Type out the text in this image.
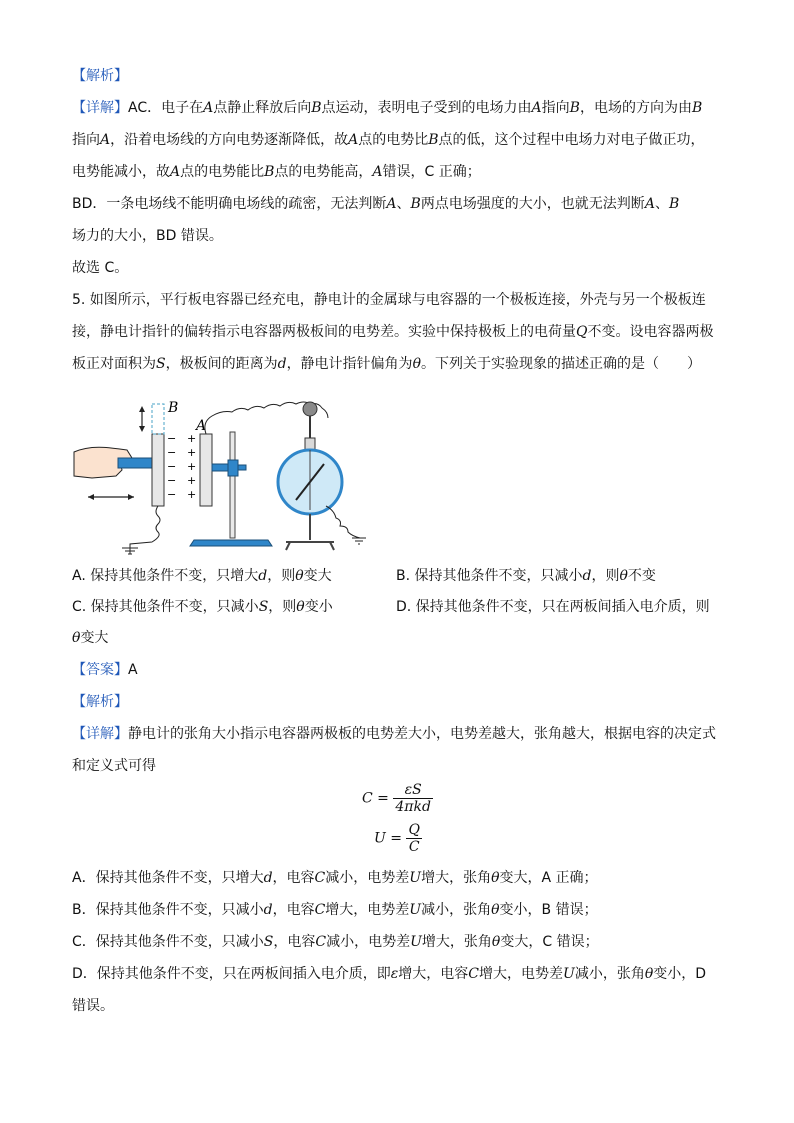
【解析】
【详解】AC．电子在A点静止释放后向B点运动，表明电子受到的电场力由A指向B，电场的方向为由B
指向A，沿着电场线的方向电势逐渐降低，故A点的电势比B点的低，这个过程中电场力对电子做正功，
电势能减小，故A点的电势能比B点的电势能高，A错误，C 正确；
BD．一条电场线不能明确电场线的疏密，无法判断A、B两点电场强度的大小，也就无法判断A、B
场力的大小，BD 错误。
故选 C。
5. 如图所示，平行板电容器已经充电，静电计的金属球与电容器的一个极板连接，外壳与另一个极板连
接，静电计指针的偏转指示电容器两极板间的电势差。实验中保持极板上的电荷量Q不变。设电容器两极
板正对面积为S，极板间的距离为d，静电计指针偏角为θ。下列关于实验现象的描述正确的是（　　）
B
−
−
−
−
−
A
+
+
+
+
+
A. 保持其他条件不变，只增大d，则θ变大	B. 保持其他条件不变，只减小d，则θ不变
C. 保持其他条件不变，只减小S，则θ变小	D. 保持其他条件不变，只在两板间插入电介质，则
θ变大
【答案】A
【解析】
【详解】静电计的张角大小指示电容器两极板的电势差大小，电势差越大，张角越大，根据电容的决定式
和定义式可得
$C = \frac{\varepsilon S}{\text{4πkd}}$
$U = \frac{Q}{C}$
A．保持其他条件不变，只增大d，电容C减小，电势差U增大，张角θ变大，A 正确；
B．保持其他条件不变，只减小d，电容C增大，电势差U减小，张角θ变小，B 错误；
C．保持其他条件不变，只减小S，电容C减小，电势差U增大，张角θ变大，C 错误；
D．保持其他条件不变，只在两板间插入电介质，即ε增大，电容C增大，电势差U减小，张角θ变小，D
错误。
